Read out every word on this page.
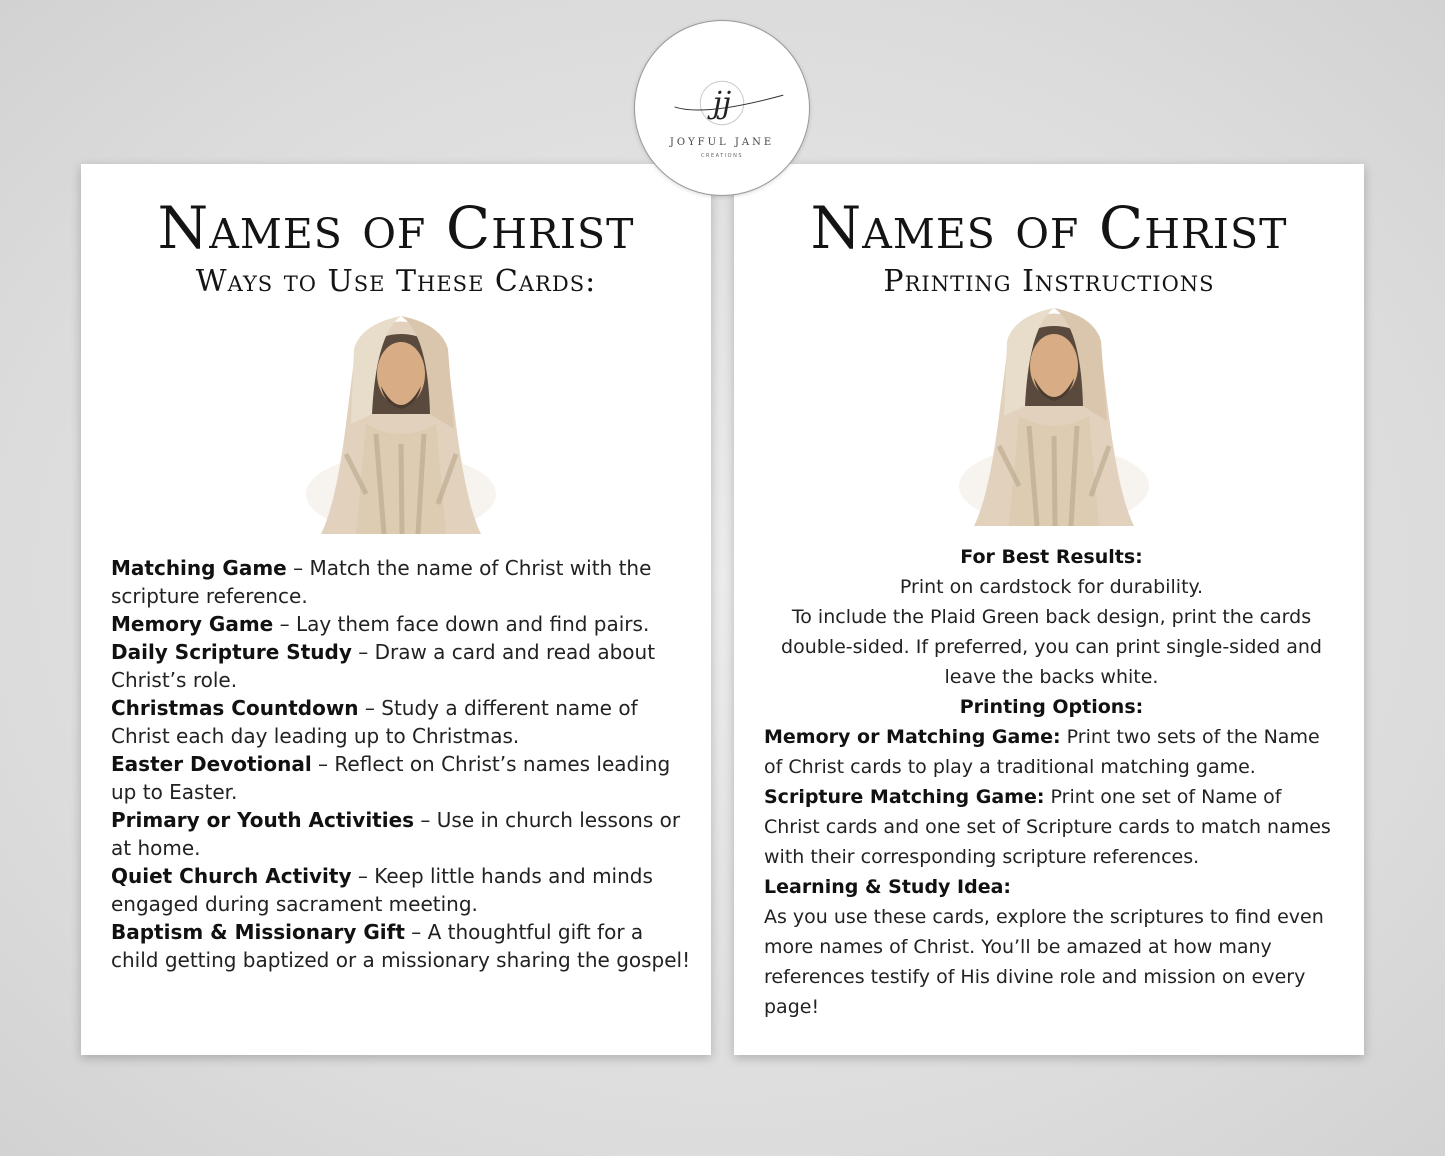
Names of Christ
Ways to Use These Cards:
Matching Game – Match the name of Christ with the scripture reference.
Memory Game – Lay them face down and find pairs.
Daily Scripture Study – Draw a card and read about Christ’s role.
Christmas Countdown – Study a different name of Christ each day leading up to Christmas.
Easter Devotional – Reflect on Christ’s names leading up to Easter.
Primary or Youth Activities – Use in church lessons or at home.
Quiet Church Activity – Keep little hands and minds engaged during sacrament meeting.
Baptism & Missionary Gift – A thoughtful gift for a child getting baptized or a missionary sharing the gospel!
Names of Christ
Printing Instructions
For Best Results:
Print on cardstock for durability.
To include the Plaid Green back design, print the cards double-sided. If preferred, you can print single-sided and leave the backs white.
Printing Options:
Memory or Matching Game: Print two sets of the Name of Christ cards to play a traditional matching game.
Scripture Matching Game: Print one set of Name of Christ cards and one set of Scripture cards to match names with their corresponding scripture references.
Learning & Study Idea:
As you use these cards, explore the scriptures to find even more names of Christ. You’ll be amazed at how many references testify of His divine role and mission on every page!
jj
JOYFUL JANE
CREATIONS
